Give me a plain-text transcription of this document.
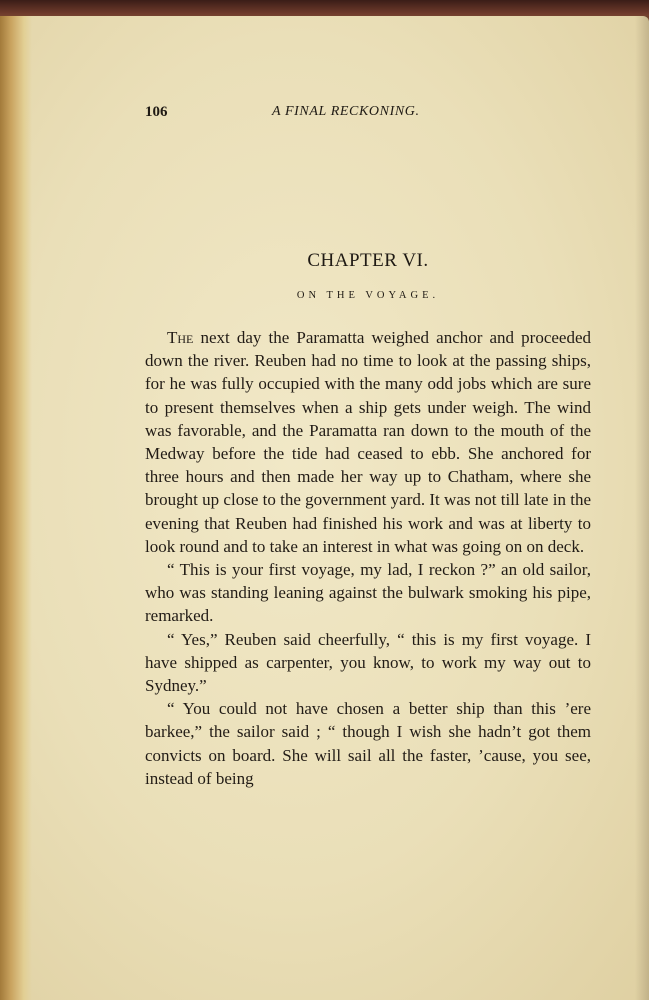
106	A FINAL RECKONING.
CHAPTER VI.
ON THE VOYAGE.

The next day the Paramatta weighed anchor and proceeded down the river. Reuben had no time to look at the passing ships, for he was fully occupied with the many odd jobs which are sure to present themselves when a ship gets under weigh. The wind was favorable, and the Paramatta ran down to the mouth of the Medway before the tide had ceased to ebb. She anchored for three hours and then made her way up to Chatham, where she brought up close to the government yard. It was not till late in the evening that Reuben had finished his work and was at liberty to look round and to take an interest in what was going on on deck.

“ This is your first voyage, my lad, I reckon ?” an old sailor, who was standing leaning against the bulwark smoking his pipe, remarked.

“ Yes,” Reuben said cheerfully, “ this is my first voyage. I have shipped as carpenter, you know, to work my way out to Sydney.”

“ You could not have chosen a better ship than this ’ere barkee,” the sailor said ; “ though I wish she hadn’t got them convicts on board. She will sail all the faster, ’cause, you see, instead of being
